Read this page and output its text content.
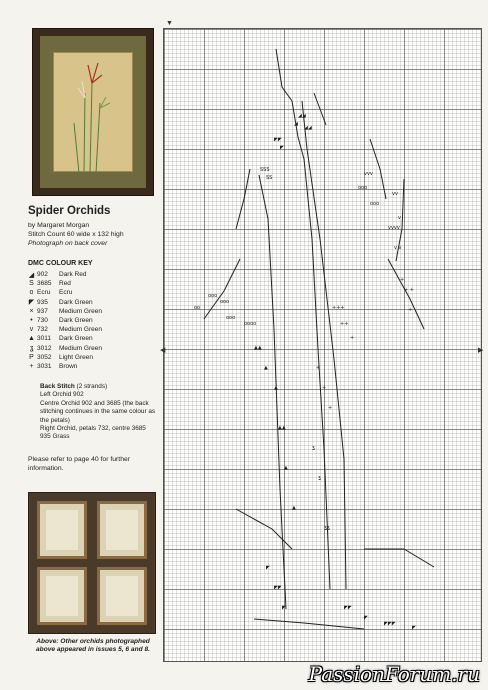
Spider Orchids
by Margaret Morgan
Stitch Count 60 wide x 132 high
Photograph on back cover
DMC COLOUR KEY
◢ 902	Dark Red
S 3685	Red
o Ecru	Ecru
◤ 935	Dark Green
× 937	Medium Green
• 730	Dark Green
v 732	Medium Green
▲ 3011	Dark Green
ʓ 3012	Medium Green
P 3052	Light Green
+ 3031	Brown
Back Stitch (2 strands)
Left Orchid 902
Centre Orchid 902 and 3685 (the back stitching continues in the same colour as the petals)
Right Orchid, petals 732, centre 3685
935 Grass
Please refer to page 40 for further information.
Above: Other orchids photographed above appeared in issues 5, 6 and 8.
◢◢
◢
◢◢
◤◤
◤
SSS
SS
vvv
ooo
ooo
vv
v
vvvv
v v
ooo
ooo
oo
ooo
oooo
+
+ +
+
+++
++
+
+
+
+
▲▲
▲
▲
▲▲
▲
▲
ʓ
ʓ
ʓʓ
◤
◤◤
◤	◤◤
◤
◤◤◤
◤
▼
◀	▶
PassionForum.ru
